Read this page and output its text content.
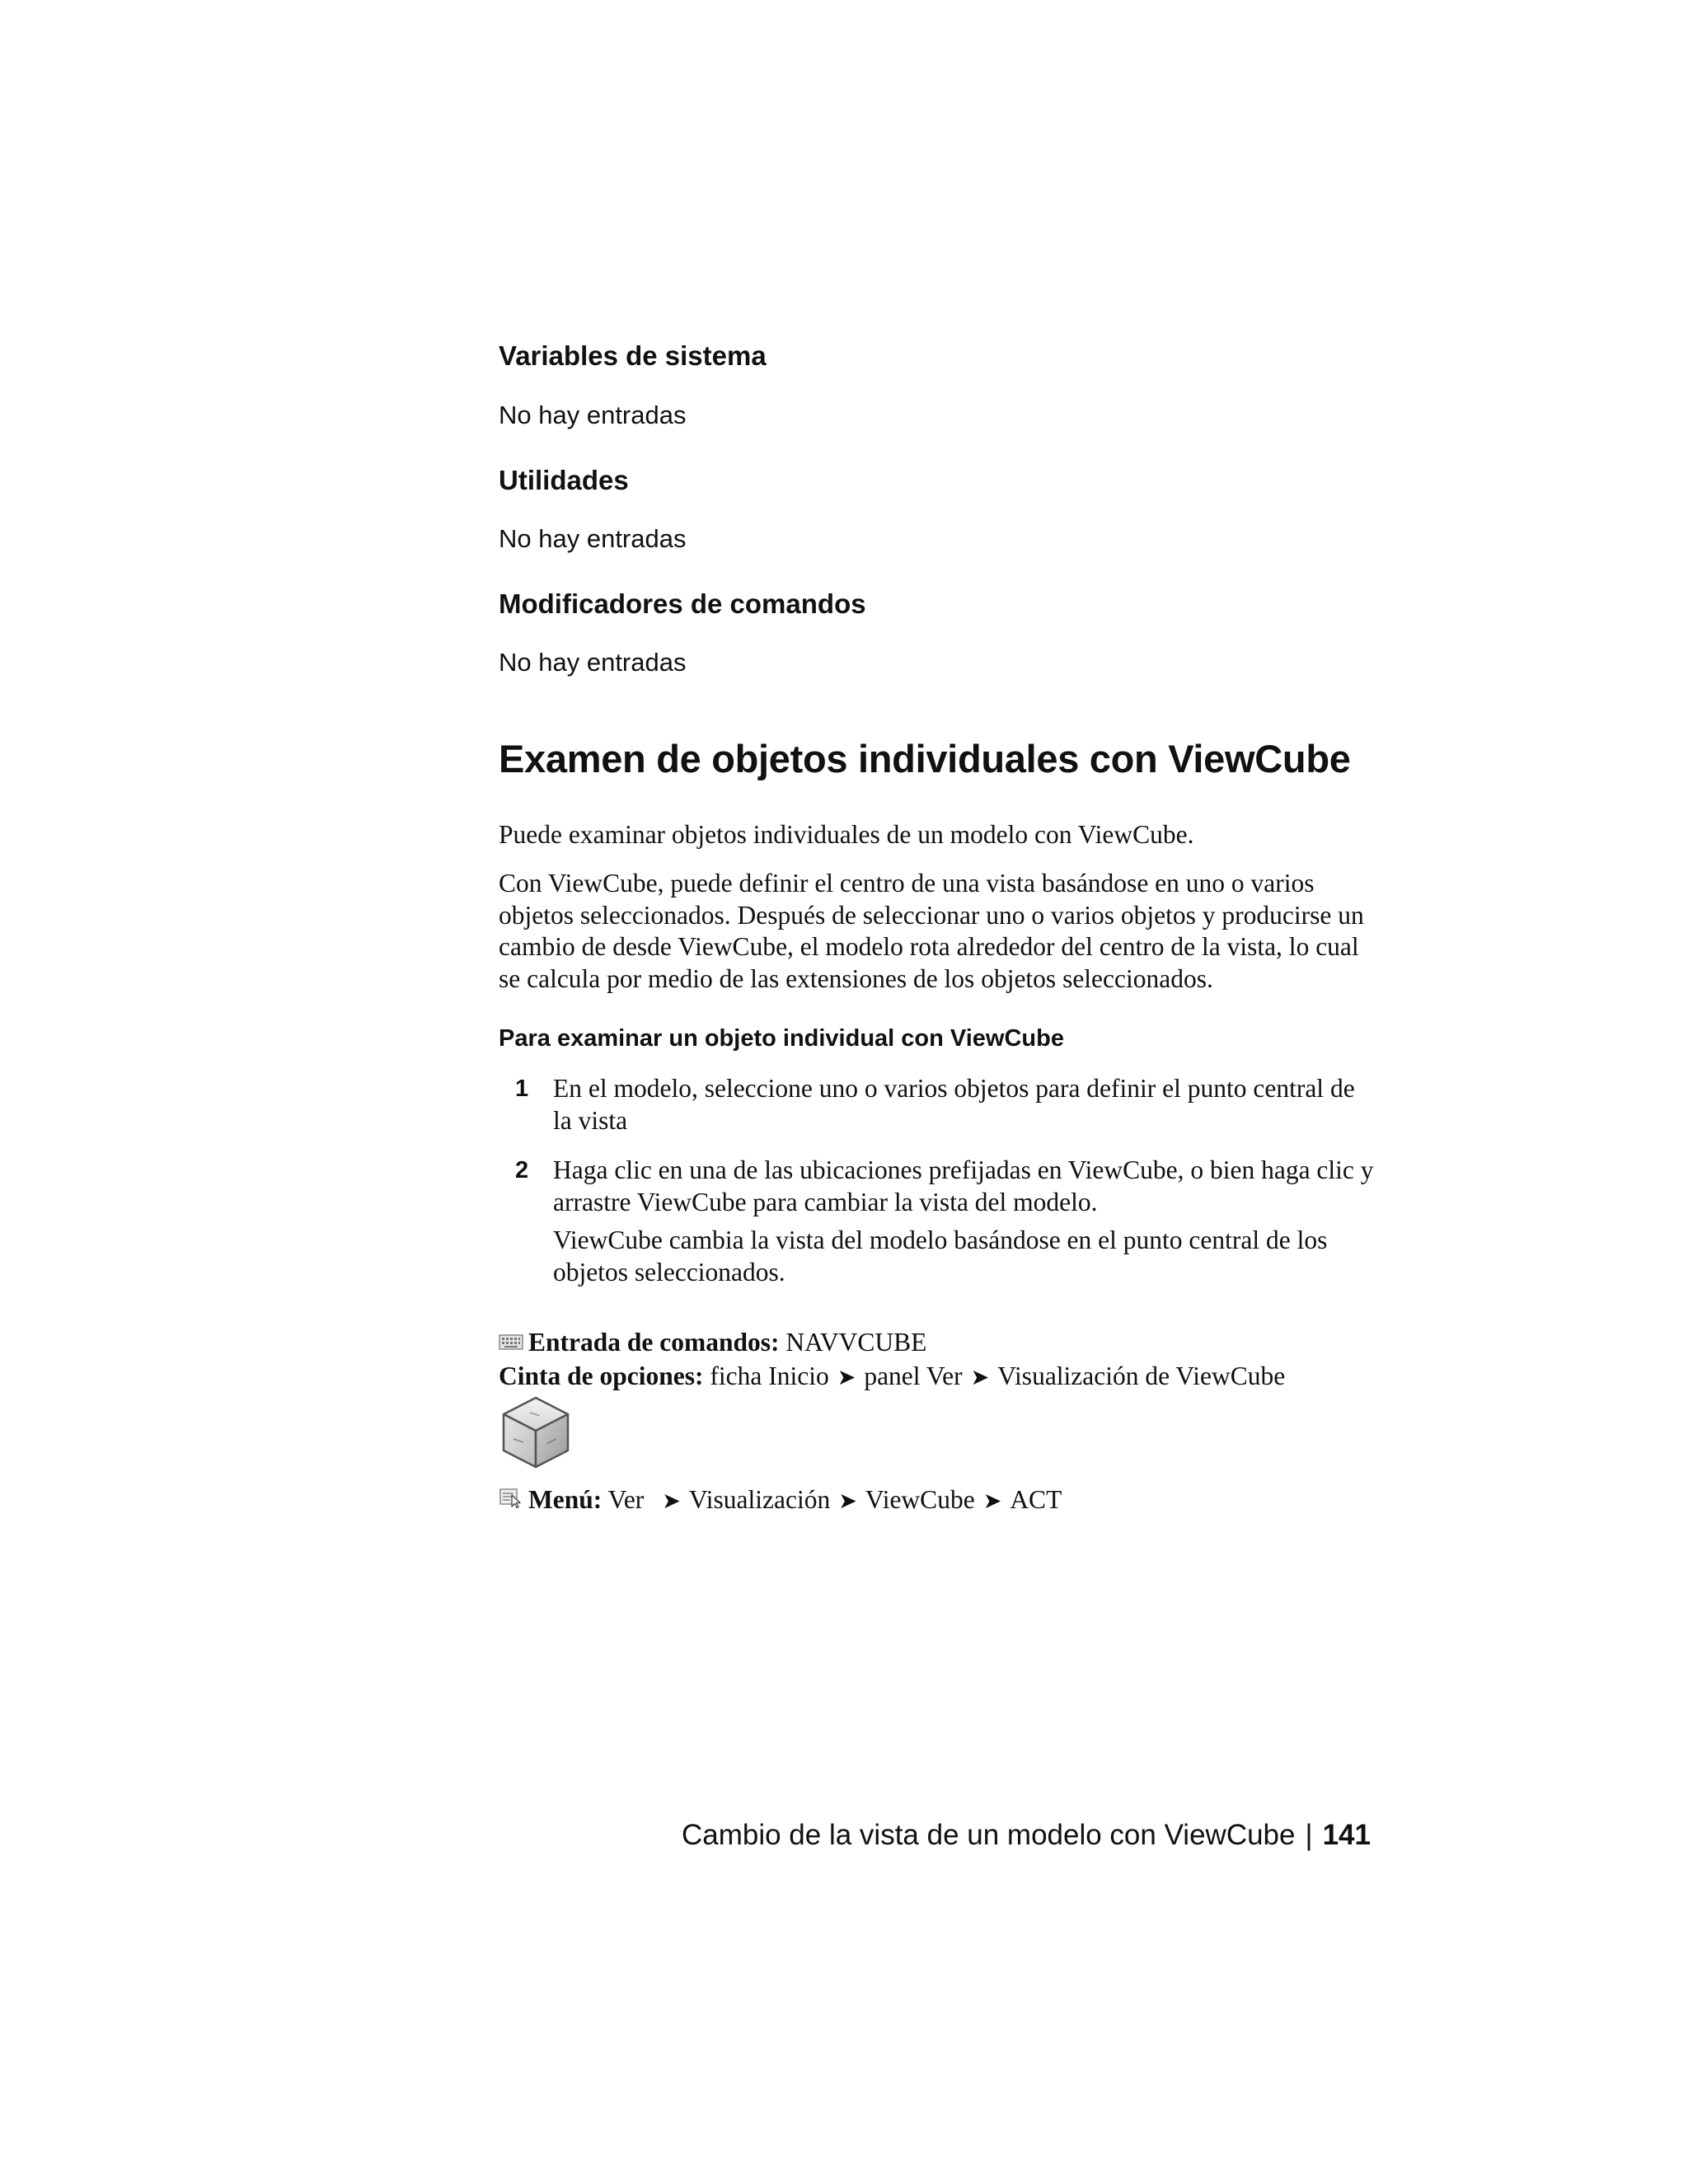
Variables de sistema

No hay entradas

Utilidades

No hay entradas

Modificadores de comandos

No hay entradas

Examen de objetos individuales con ViewCube

Puede examinar objetos individuales de un modelo con ViewCube.

Con ViewCube, puede definir el centro de una vista basándose en uno o varios objetos seleccionados. Después de seleccionar uno o varios objetos y producirse un cambio de desde ViewCube, el modelo rota alrededor del centro de la vista, lo cual se calcula por medio de las extensiones de los objetos seleccionados.

Para examinar un objeto individual con ViewCube

1 En el modelo, seleccione uno o varios objetos para definir el punto central de la vista
2 Haga clic en una de las ubicaciones prefijadas en ViewCube, o bien haga clic y arrastre ViewCube para cambiar la vista del modelo.

ViewCube cambia la vista del modelo basándose en el punto central de los objetos seleccionados.

Entrada de comandos: NAVVCUBE
Cinta de opciones: ficha Inicio ➤ panel Ver ➤ Visualización de ViewCube
Menú: Ver ➤ Visualización ➤ ViewCube ➤ ACT
Cambio de la vista de un modelo con ViewCube | 141
